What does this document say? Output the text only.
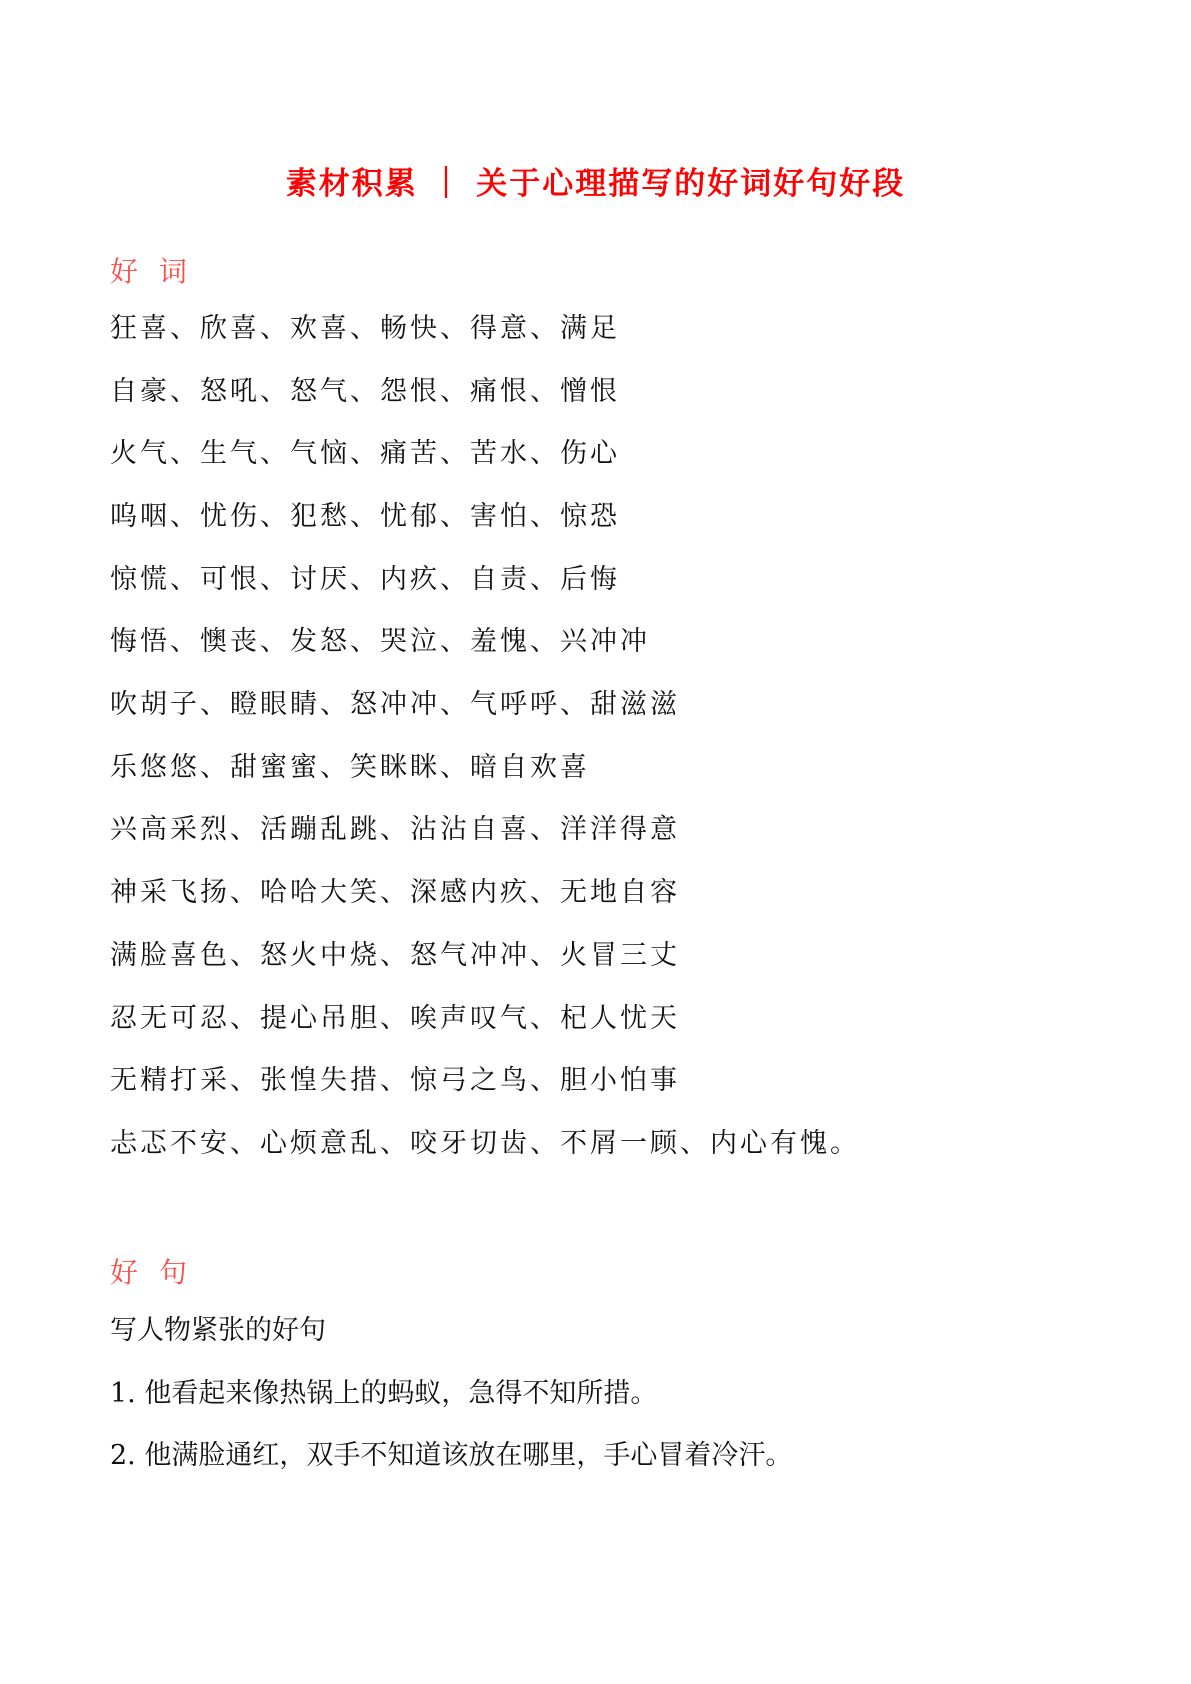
素材积累 ｜ 关于心理描写的好词好句好段
好 词
狂喜、欣喜、欢喜、畅快、得意、满足
自豪、怒吼、怒气、怨恨、痛恨、憎恨
火气、生气、气恼、痛苦、苦水、伤心
呜咽、忧伤、犯愁、忧郁、害怕、惊恐
惊慌、可恨、讨厌、内疚、自责、后悔
悔悟、懊丧、发怒、哭泣、羞愧、兴冲冲
吹胡子、瞪眼睛、怒冲冲、气呼呼、甜滋滋
乐悠悠、甜蜜蜜、笑眯眯、暗自欢喜
兴高采烈、活蹦乱跳、沾沾自喜、洋洋得意
神采飞扬、哈哈大笑、深感内疚、无地自容
满脸喜色、怒火中烧、怒气冲冲、火冒三丈
忍无可忍、提心吊胆、唉声叹气、杞人忧天
无精打采、张惶失措、惊弓之鸟、胆小怕事
忐忑不安、心烦意乱、咬牙切齿、不屑一顾、内心有愧。
好 句
写人物紧张的好句
1. 他看起来像热锅上的蚂蚁，急得不知所措。
2. 他满脸通红，双手不知道该放在哪里，手心冒着冷汗。
